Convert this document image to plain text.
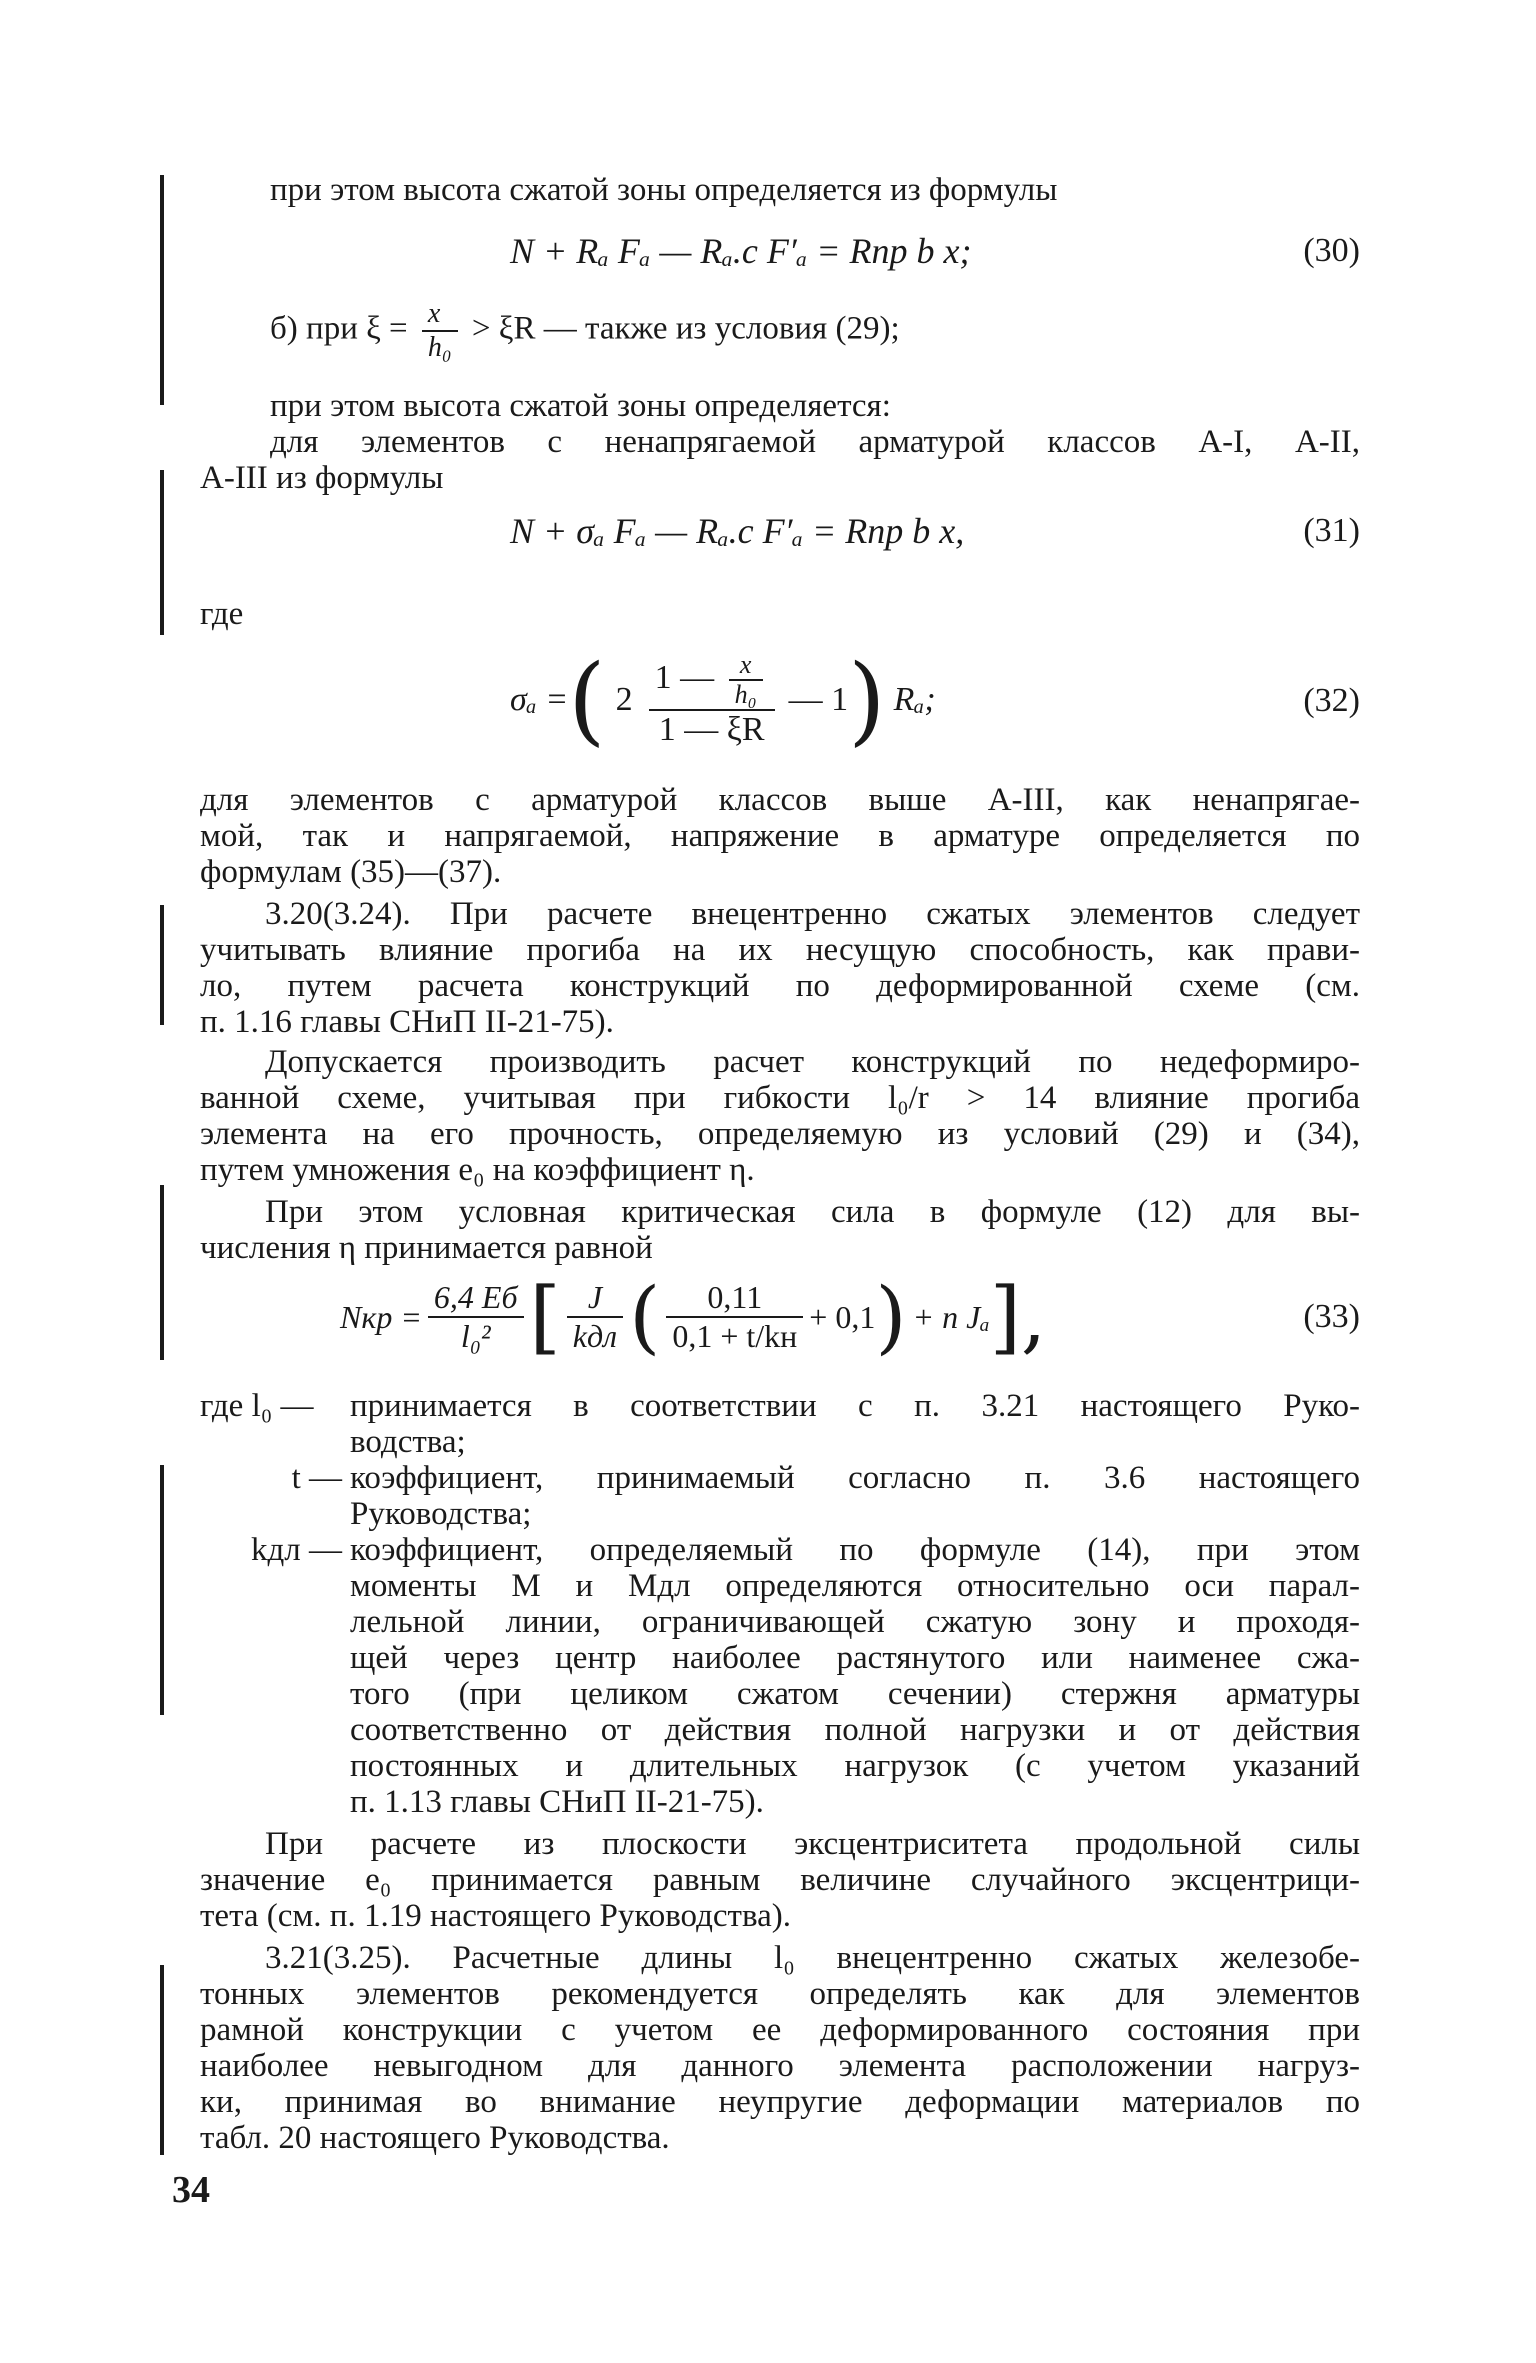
при этом высота сжатой зоны определяется из формулы
N + Rₐ Fₐ — Rₐ.c F′ₐ = Rпр b x;	(30)
б) при $\xi = \frac{x}{\text{h₀}} > \xi R$ — также из условия (29);
при этом высота сжатой зоны определяется:
для элементов с ненапрягаемой арматурой классов А-I, А-II,
А-III из формулы
N + σₐ Fₐ — Rₐ.c F′ₐ = Rпр b x,	(31)
где
σₐ = ( $2 \frac{1 — \frac{x}{\text{h₀}}}{1 — \xi R}$ — 1 ) Rₐ;	(32)
для элементов с арматурой классов выше А-III, как ненапрягае-
мой, так и напрягаемой, напряжение в арматуре определяется по
формулам (35)—(37).
3.20(3.24). При расчете внецентренно сжатых элементов следует
учитывать влияние прогиба на их несущую способность, как прави-
ло, путем расчета конструкций по деформированной схеме (см.
п. 1.16 главы СНиП II-21-75).
Допускается производить расчет конструкций по недеформиро-
ванной схеме, учитывая при гибкости l₀/r > 14 влияние прогиба
элемента на его прочность, определяемую из условий (29) и (34),
путем умножения e₀ на коэффициент η.
При этом условная критическая сила в формуле (12) для вы-
числения η принимается равной
Nкр = $\frac{6,4 Eб}{\text{l₀²}}$ [ $\frac{J}{\text{kдл}}$ ( $\frac{0,11}{0,1 + t/kн} + 0,1$ ) + n Jₐ ],	(33)
где l₀ —	принимается в соответствии с п. 3.21 настоящего Руко-
водства;
t — коэффициент, принимаемый согласно п. 3.6 настоящего
Руководства;
kдл — коэффициент, определяемый по формуле (14), при этом
моменты M и Mдл определяются относительно оси парал-
лельной линии, ограничивающей сжатую зону и проходя-
щей через центр наиболее растянутого или наименее сжа-
того (при целиком сжатом сечении) стержня арматуры
соответственно от действия полной нагрузки и от действия
постоянных и длительных нагрузок (с учетом указаний
п. 1.13 главы СНиП II-21-75).
При расчете из плоскости эксцентриситета продольной силы
значение e₀ принимается равным величине случайного эксцентрици-
тета (см. п. 1.19 настоящего Руководства).
3.21(3.25). Расчетные длины l₀ внецентренно сжатых железобе-
тонных элементов рекомендуется определять как для элементов
рамной конструкции с учетом ее деформированного состояния при
наиболее невыгодном для данного элемента расположении нагруз-
ки, принимая во внимание неупругие деформации материалов по
табл. 20 настоящего Руководства.
34
